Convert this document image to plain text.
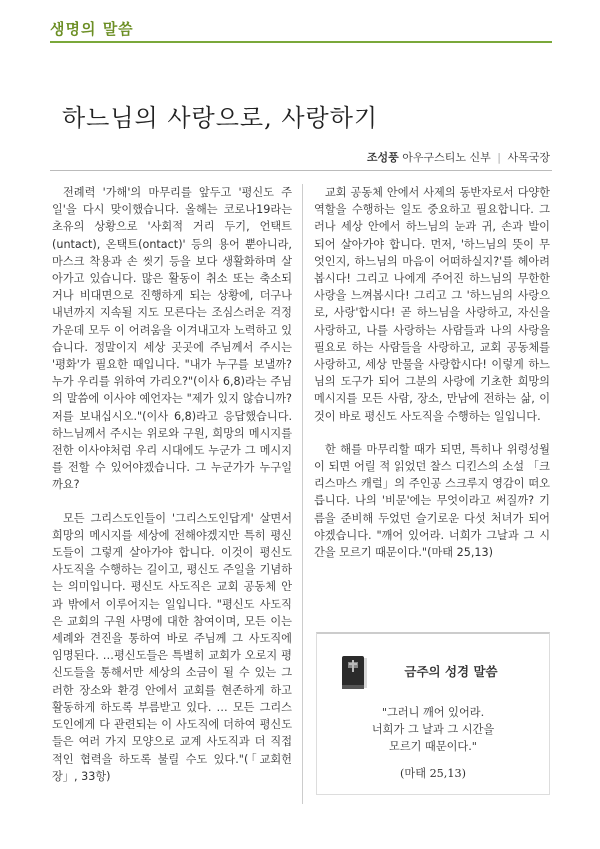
생명의 말씀
하느님의 사랑으로, 사랑하기
조성풍 아우구스티노 신부 | 사목국장

전례력 '가해'의 마무리를 앞두고 '평신도 주일'을 다시 맞이했습니다. 올해는 코로나19라는 초유의 상황으로 '사회적 거리 두기, 언택트(untact), 온택트(ontact)' 등의 용어 뿐아니라, 마스크 착용과 손 씻기 등을 보다 생활화하며 살아가고 있습니다. 많은 활동이 취소 또는 축소되거나 비대면으로 진행하게 되는 상황에, 더구나 내년까지 지속될 지도 모른다는 조심스러운 걱정 가운데 모두 이 어려움을 이겨내고자 노력하고 있습니다. 정말이지 세상 곳곳에 주님께서 주시는 '평화'가 필요한 때입니다. "내가 누구를 보낼까? 누가 우리를 위하여 가리오?"(이사 6,8)라는 주님의 말씀에 이사야 예언자는 "제가 있지 않습니까? 저를 보내십시오."(이사 6,8)라고 응답했습니다. 하느님께서 주시는 위로와 구원, 희망의 메시지를 전한 이사야처럼 우리 시대에도 누군가 그 메시지를 전할 수 있어야겠습니다. 그 누군가가 누구일까요?

모든 그리스도인들이 '그리스도인답게' 살면서 희망의 메시지를 세상에 전해야겠지만 특히 평신도들이 그렇게 살아가야 합니다. 이것이 평신도 사도직을 수행하는 길이고, 평신도 주일을 기념하는 의미입니다. 평신도 사도직은 교회 공동체 안과 밖에서 이루어지는 일입니다. "평신도 사도직은 교회의 구원 사명에 대한 참여이며, 모든 이는 세례와 견진을 통하여 바로 주님께 그 사도직에 임명된다. …평신도들은 특별히 교회가 오로지 평신도들을 통해서만 세상의 소금이 될 수 있는 그러한 장소와 환경 안에서 교회를 현존하게 하고 활동하게 하도록 부름받고 있다. … 모든 그리스도인에게 다 관련되는 이 사도직에 더하여 평신도들은 여러 가지 모양으로 교계 사도직과 더 직접적인 협력을 하도록 불릴 수도 있다."(「교회헌장」, 33항)

교회 공동체 안에서 사제의 동반자로서 다양한 역할을 수행하는 일도 중요하고 필요합니다. 그러나 세상 안에서 하느님의 눈과 귀, 손과 발이 되어 살아가야 합니다. 먼저, '하느님의 뜻이 무엇인지, 하느님의 마음이 어떠하실지?'를 헤아려 봅시다! 그리고 나에게 주어진 하느님의 무한한 사랑을 느껴봅시다! 그리고 그 '하느님의 사랑으로, 사랑'합시다! 곧 하느님을 사랑하고, 자신을 사랑하고, 나를 사랑하는 사람들과 나의 사랑을 필요로 하는 사람들을 사랑하고, 교회 공동체를 사랑하고, 세상 만물을 사랑합시다! 이렇게 하느님의 도구가 되어 그분의 사랑에 기초한 희망의 메시지를 모든 사람, 장소, 만남에 전하는 삶, 이것이 바로 평신도 사도직을 수행하는 일입니다.

한 해를 마무리할 때가 되면, 특히나 위령성월이 되면 어릴 적 읽었던 찰스 디킨스의 소설 「크리스마스 캐럴」의 주인공 스크루지 영감이 떠오릅니다. 나의 '비문'에는 무엇이라고 써질까? 기름을 준비해 두었던 슬기로운 다섯 처녀가 되어야겠습니다. "깨어 있어라. 너희가 그날과 그 시간을 모르기 때문이다."(마태 25,13)

금주의 성경 말씀
"그러니 깨어 있어라.
너희가 그 날과 그 시간을
모르기 때문이다."
(마태 25,13)
